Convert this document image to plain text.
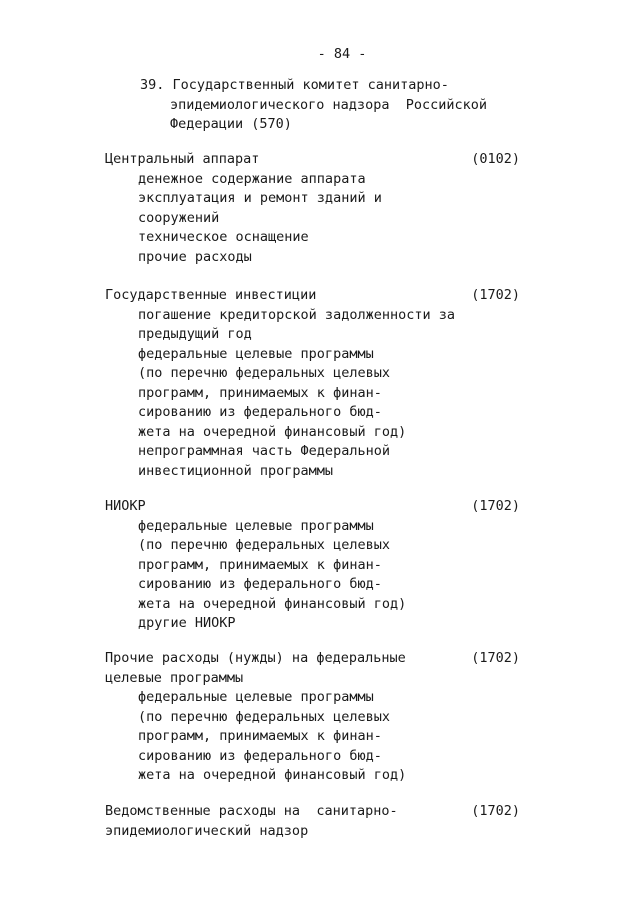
- 84 -
39. Государственный комитет санитарно-
эпидемиологического надзора  Российской
Федерации (570)
Центральный аппарат	(0102)
денежное содержание аппарата
эксплуатация и ремонт зданий и
сооружений
техническое оснащение
прочие расходы
Государственные инвестиции	(1702)
погашение кредиторской задолженности за
предыдущий год
федеральные целевые программы
(по перечню федеральных целевых
программ, принимаемых к финан-
сированию из федерального бюд-
жета на очередной финансовый год)
непрограммная часть Федеральной
инвестиционной программы
НИОКР	(1702)
федеральные целевые программы
(по перечню федеральных целевых
программ, принимаемых к финан-
сированию из федерального бюд-
жета на очередной финансовый год)
другие НИОКР
Прочие расходы (нужды) на федеральные	(1702)
целевые программы
федеральные целевые программы
(по перечню федеральных целевых
программ, принимаемых к финан-
сированию из федерального бюд-
жета на очередной финансовый год)
Ведомственные расходы на  санитарно-	(1702)
эпидемиологический надзор
